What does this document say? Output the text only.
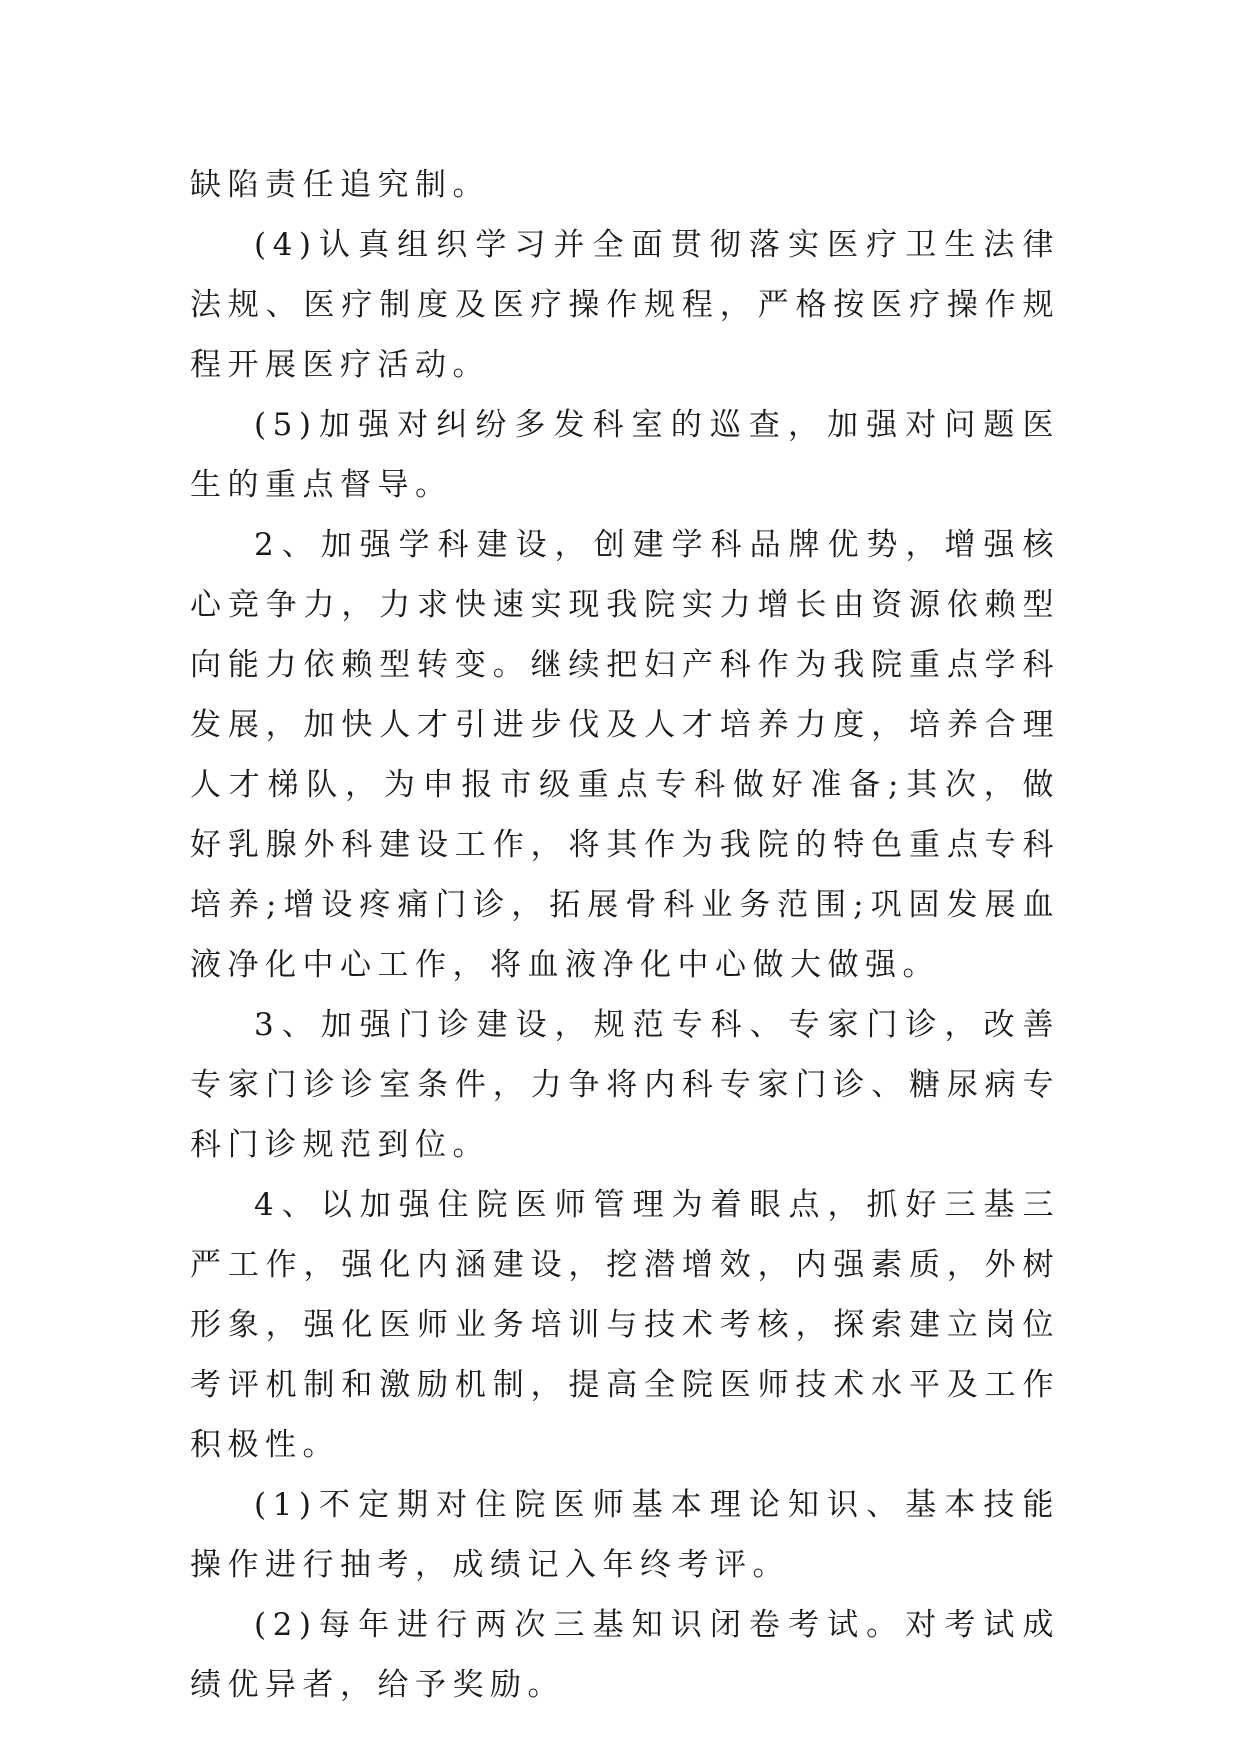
缺陷责任追究制。

(4)认真组织学习并全面贯彻落实医疗卫生法律法规、医疗制度及医疗操作规程，严格按医疗操作规程开展医疗活动。

(5)加强对纠纷多发科室的巡查，加强对问题医生的重点督导。

2、加强学科建设，创建学科品牌优势，增强核心竞争力，力求快速实现我院实力增长由资源依赖型向能力依赖型转变。继续把妇产科作为我院重点学科发展，加快人才引进步伐及人才培养力度，培养合理人才梯队，为申报市级重点专科做好准备;其次，做好乳腺外科建设工作，将其作为我院的特色重点专科培养;增设疼痛门诊，拓展骨科业务范围;巩固发展血液净化中心工作，将血液净化中心做大做强。

3、加强门诊建设，规范专科、专家门诊，改善专家门诊诊室条件，力争将内科专家门诊、糖尿病专科门诊规范到位。

4、以加强住院医师管理为着眼点，抓好三基三严工作，强化内涵建设，挖潜增效，内强素质，外树形象，强化医师业务培训与技术考核，探索建立岗位考评机制和激励机制，提高全院医师技术水平及工作积极性。

(1)不定期对住院医师基本理论知识、基本技能操作进行抽考，成绩记入年终考评。

(2)每年进行两次三基知识闭卷考试。对考试成绩优异者，给予奖励。
